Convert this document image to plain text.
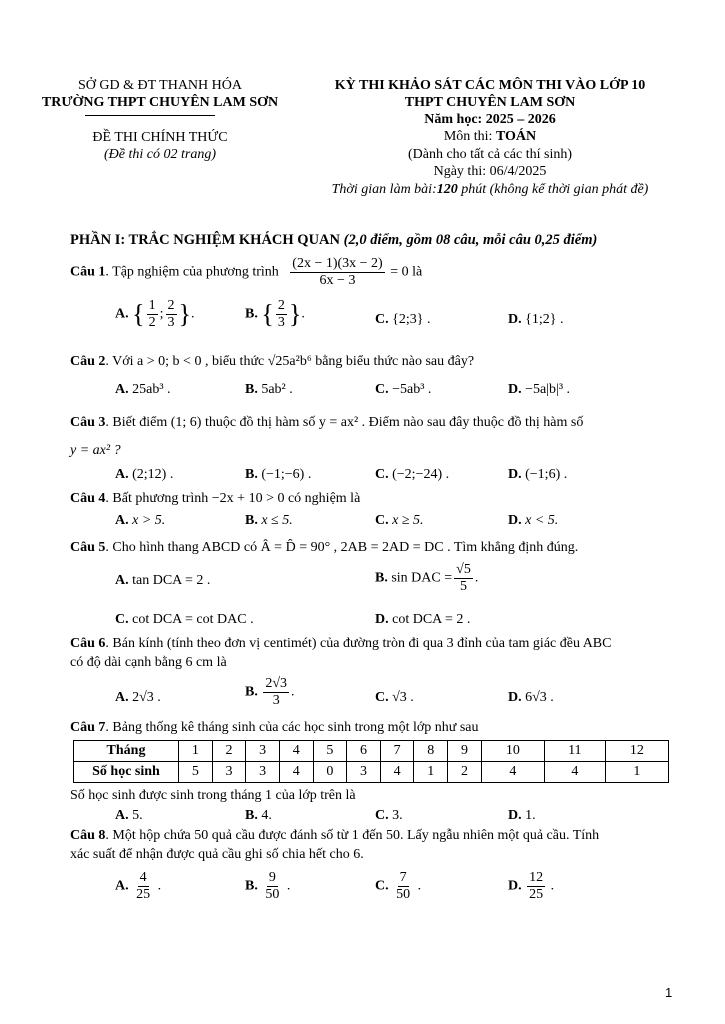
SỞ GD & ĐT THANH HÓA
TRƯỜNG THPT CHUYÊN LAM SƠN
ĐỀ THI CHÍNH THỨC
(Đề thi có 02 trang)
KỲ THI KHẢO SÁT CÁC MÔN THI VÀO LỚP 10
THPT CHUYÊN LAM SƠN
Năm học: 2025 – 2026
Môn thi: TOÁN
(Dành cho tất cả các thí sinh)
Ngày thi: 06/4/2025
Thời gian làm bài:120 phút (không kể thời gian phát đề)
PHẦN I: TRẮC NGHIỆM KHÁCH QUAN (2,0 điểm, gồm 08 câu, mỗi câu 0,25 điểm)
Câu 1. Tập nghiệm của phương trình $\frac{(2x - 1)(3x - 2)}{6x - 3} = 0$ là
A. { $\frac{1}{2}$ ; $\frac{2}{3}$ }.	B. { $\frac{2}{3}$ }.	C. {2;3} .	D. {1;2} .
Câu 2. Với a > 0; b < 0 , biểu thức √25a²b⁶ bằng biểu thức nào sau đây?
A. 25ab³ .	B. 5ab² .	C. −5ab³ .	D. −5a|b|³ .
Câu 3. Biết điểm (1; 6) thuộc đồ thị hàm số y = ax² . Điểm nào sau đây thuộc đồ thị hàm số
y = ax² ?
A. (2;12) .	B. (−1;−6) .	C. (−2;−24) .	D. (−1;6) .
Câu 4. Bất phương trình −2x + 10 > 0 có nghiệm là
A. x > 5.	B. x ≤ 5.	C. x ≥ 5.	D. x < 5.
Câu 5. Cho hình thang ABCD có Â = D̂ = 90° , 2AB = 2AD = DC . Tìm khẳng định đúng.
A. tan DCA = 2 .	B. sin DAC = $\frac{√5}{5}$ .
C. cot DCA = cot DAC .	D. cot DCA = 2 .
Câu 6. Bán kính (tính theo đơn vị centimét) của đường tròn đi qua 3 đỉnh của tam giác đều ABC
có độ dài cạnh bằng 6 cm là
A. 2√3 .	B. $\frac{2√3}{3}$ .	C. √3 .	D. 6√3 .
Câu 7. Bảng thống kê tháng sinh của các học sinh trong một lớp như sau
Tháng	1	2	3	4	5	6	7	8	9	10	11	12
Số học sinh	5	3	3	4	0	3	4	1	2	4	4	1
Số học sinh được sinh trong tháng 1 của lớp trên là
A. 5.	B. 4.	C. 3.	D. 1.
Câu 8. Một hộp chứa 50 quả cầu được đánh số từ 1 đến 50. Lấy ngẫu nhiên một quả cầu. Tính
xác suất để nhận được quả cầu ghi số chia hết cho 6.
A. $\frac{4}{25}$ .	B. $\frac{9}{50}$ .	C. $\frac{7}{50}$ .	D. $\frac{12}{25}$ .
1
